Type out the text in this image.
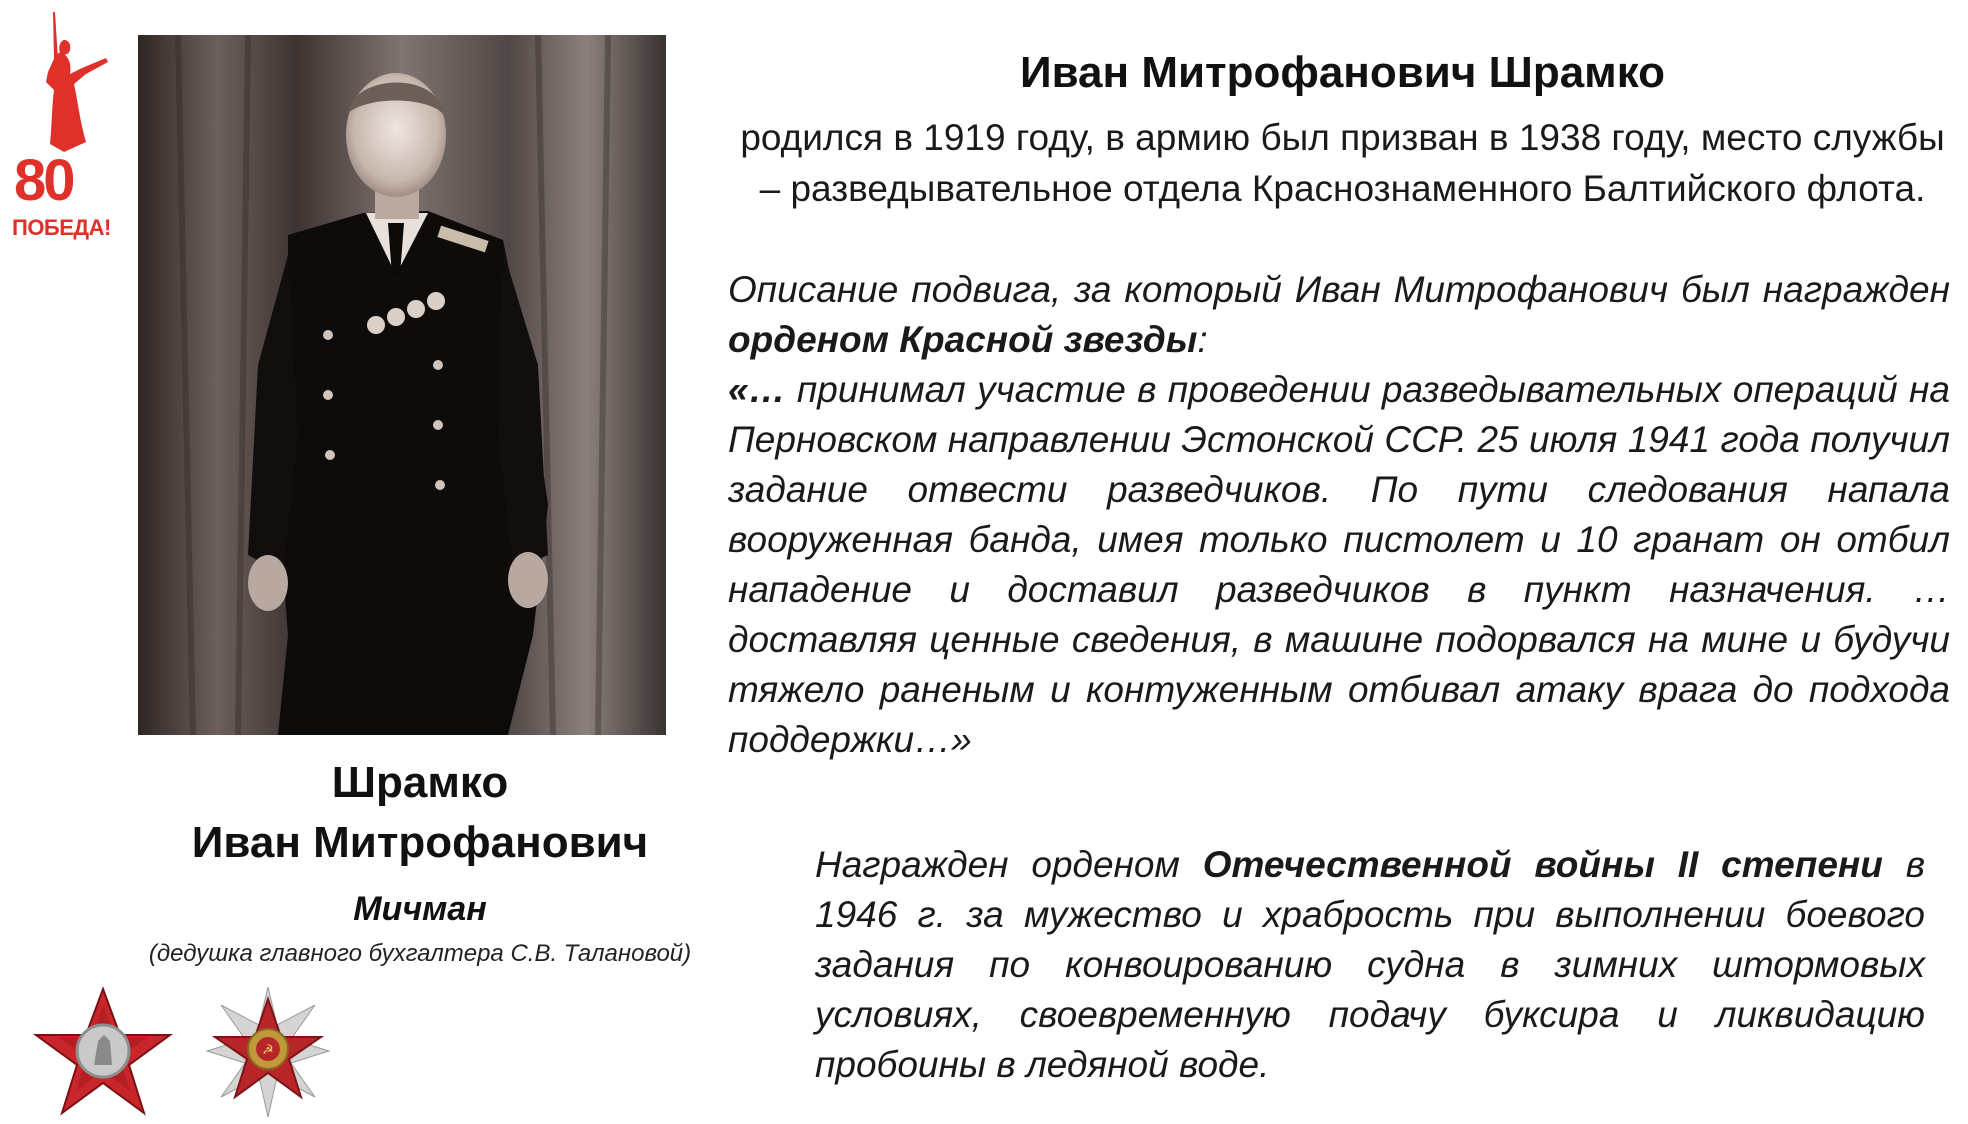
80
ПОБЕДА!
Шрамко
Иван Митрофанович
Мичман
(дедушка главного бухгалтера С.В. Талановой)
☭
Иван Митрофанович Шрамко
родился в 1919 году, в армию был призван в 1938 году, место службы – разведывательное отдела Краснознаменного Балтийского флота.

Описание подвига, за который Иван Митрофанович был награжден орденом Красной звезды:
«… принимал участие в проведении разведывательных операций на Перновском направлении Эстонской ССР. 25 июля 1941 года получил задание отвести разведчиков. По пути следования напала вооруженная банда, имея только пистолет и 10 гранат он отбил нападение и доставил разведчиков в пункт назначения. … доставляя ценные сведения, в машине подорвался на мине и будучи тяжело раненым и контуженным отбивал атаку врага до подхода поддержки…»

Награжден орденом Отечественной войны II степени в 1946 г. за мужество и храбрость при выполнении боевого задания по конвоированию судна в зимних штормовых условиях, своевременную подачу буксира и ликвидацию пробоины в ледяной воде.
